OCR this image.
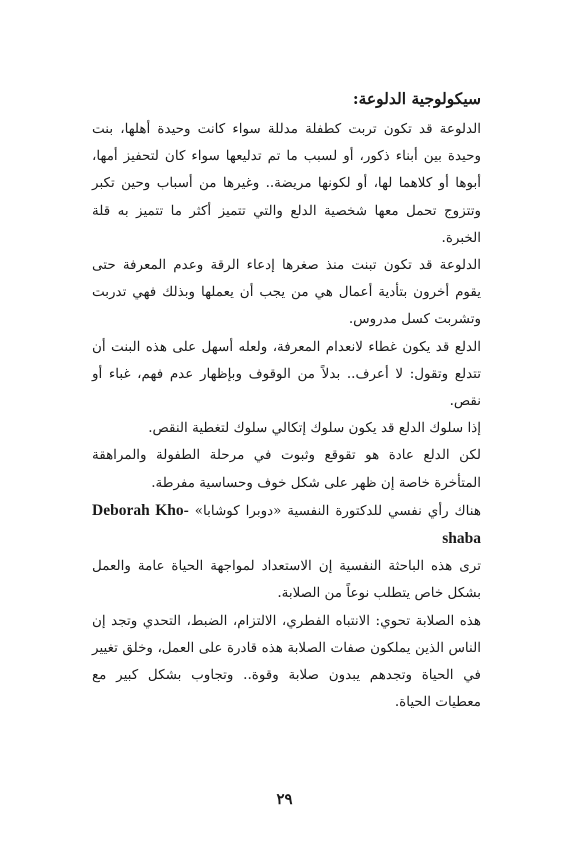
سيكولوجية الدلوعة:

الدلوعة قد تكون تربت كطفلة مدللة سواء كانت وحيدة أهلها، بنت وحيدة بين أبناء ذكور، أو لسبب ما تم تدليعها سواء كان لتحفيز أمها، أبوها أو كلاهما لها، أو لكونها مريضة.. وغيرها من أسباب وحين تكبر وتتزوج تحمل معها شخصية الدلع والتي تتميز أكثر ما تتميز به قلة الخبرة.

الدلوعة قد تكون تبنت منذ صغرها إدعاء الرقة وعدم المعرفة حتى يقوم أخرون بتأدية أعمال هي من يجب أن يعملها وبذلك فهي تدربت وتشربت كسل مدروس.

الدلع قد يكون غطاء لانعدام المعرفة، ولعله أسهل على هذه البنت أن تتدلع وتقول: لا أعرف.. بدلاً من الوقوف وبإظهار عدم فهم، غباء أو نقص.

إذا سلوك الدلع قد يكون سلوك إتكالي سلوك لتغطية النقص.

لكن الدلع عادة هو تقوقع وثبوت في مرحلة الطفولة والمراهقة المتأخرة خاصة إن ظهر على شكل خوف وحساسية مفرطة.

هناك رأي نفسي للدكتورة النفسية «دوبرا كوشابا» Deborah Kho-shaba

ترى هذه الباحثة النفسية إن الاستعداد لمواجهة الحياة عامة والعمل بشكل خاص يتطلب نوعاً من الصلابة.

هذه الصلابة تحوي: الانتباه الفطري، الالتزام، الضبط، التحدي وتجد إن الناس الذين يملكون صفات الصلابة هذه قادرة على العمل، وخلق تغيير في الحياة وتجدهم يبدون صلابة وقوة.. وتجاوب بشكل كبير مع معطيات الحياة.

٢٩
